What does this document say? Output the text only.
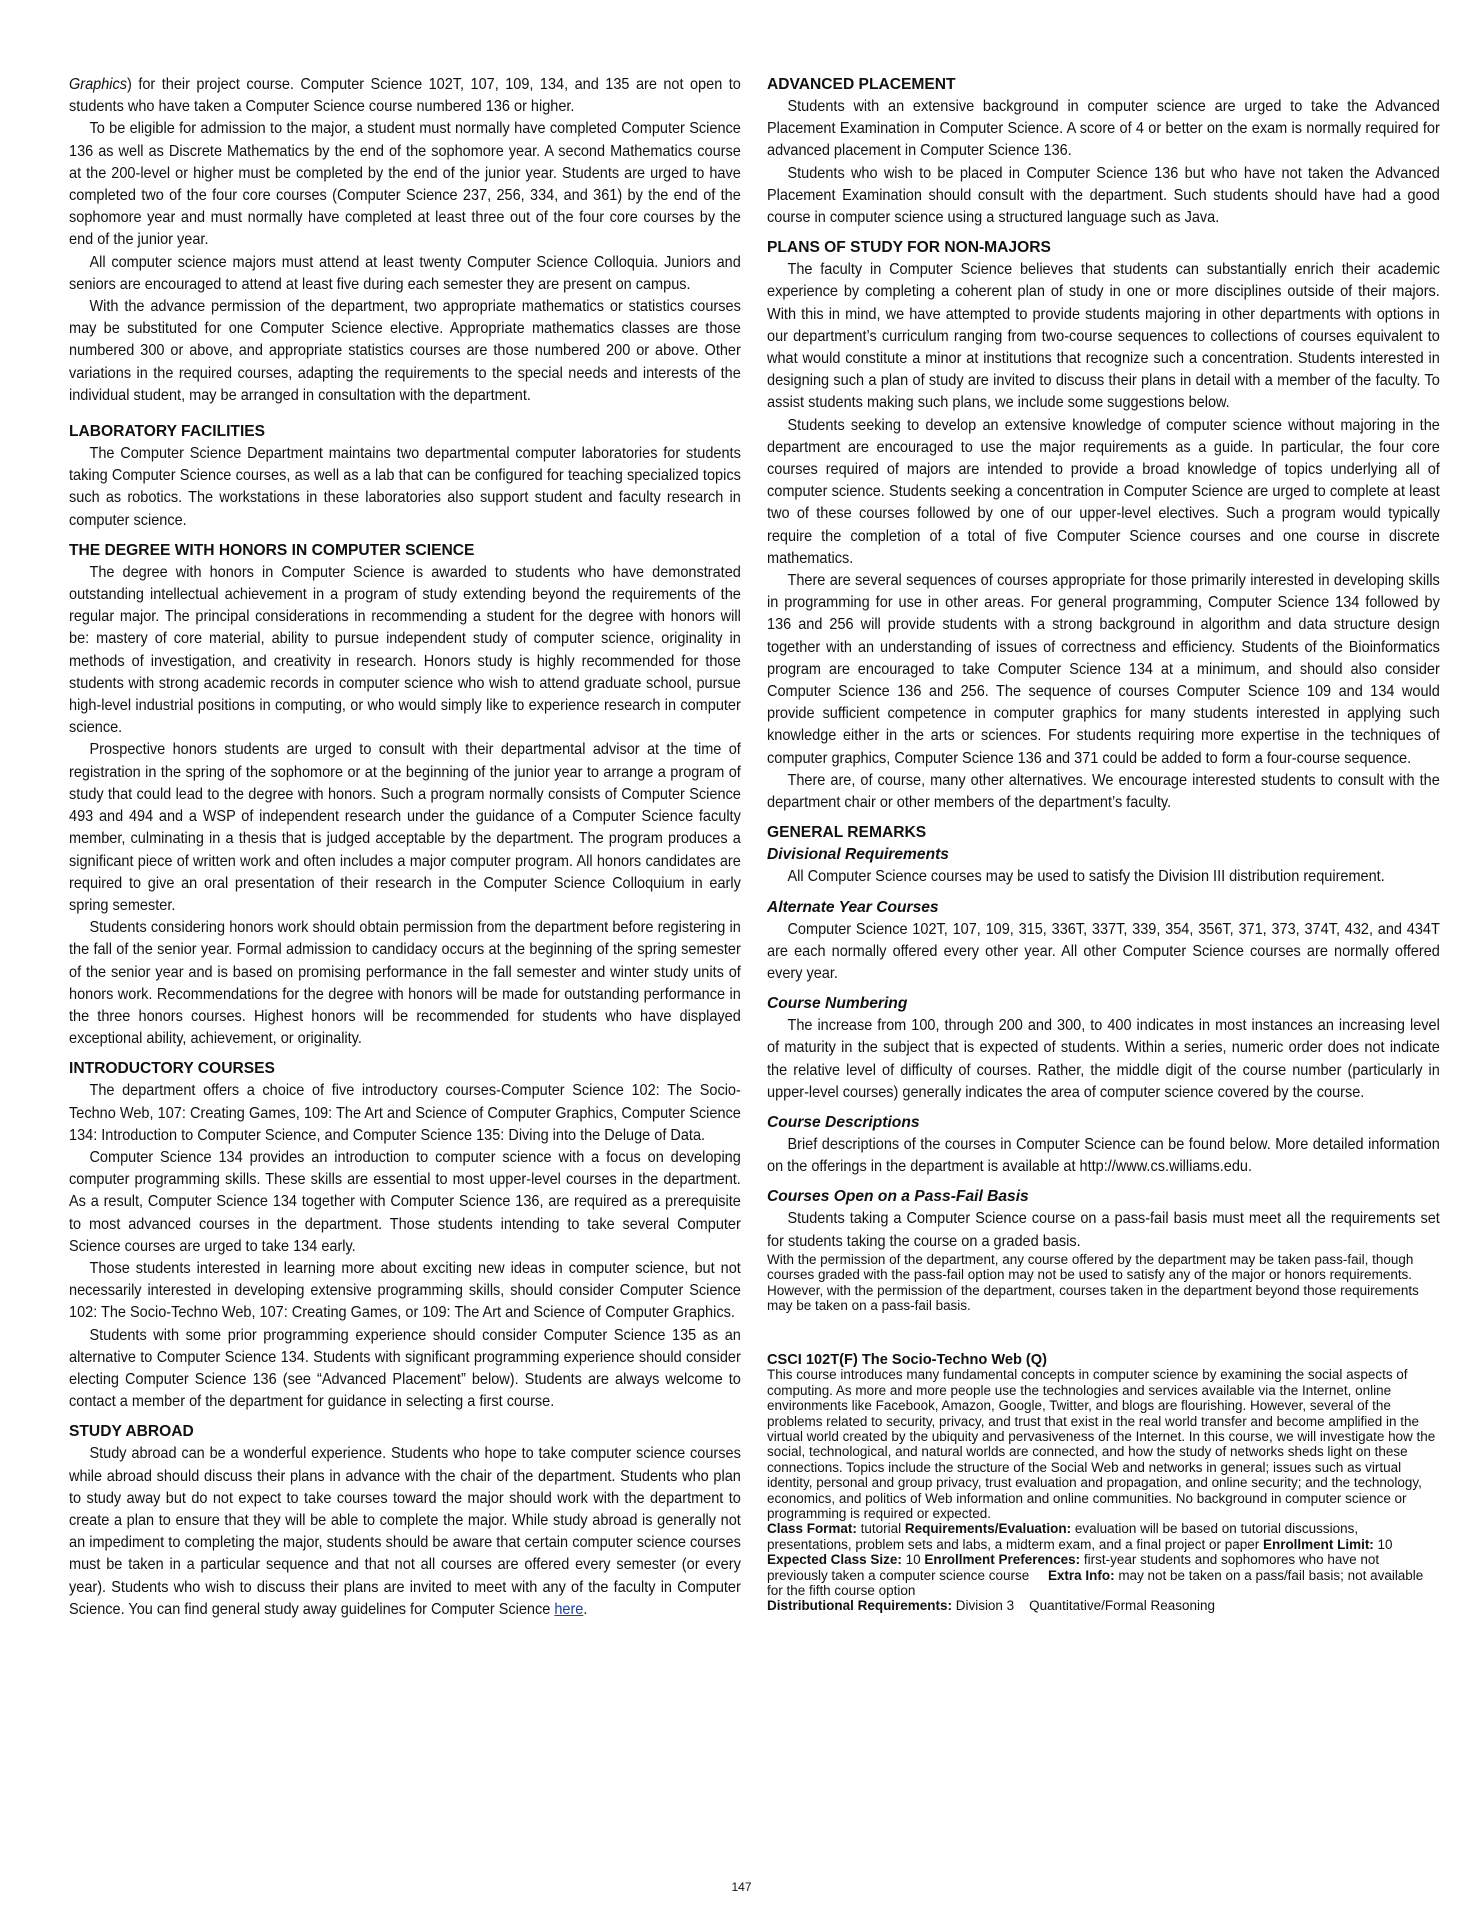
Graphics) for their project course. Computer Science 102T, 107, 109, 134, and 135 are not open to students who have taken a Computer Science course numbered 136 or higher.

To be eligible for admission to the major, a student must normally have completed Computer Science 136 as well as Discrete Mathematics by the end of the sophomore year. A second Mathematics course at the 200-level or higher must be completed by the end of the junior year. Students are urged to have completed two of the four core courses (Computer Science 237, 256, 334, and 361) by the end of the sophomore year and must normally have completed at least three out of the four core courses by the end of the junior year.

All computer science majors must attend at least twenty Computer Science Colloquia. Juniors and seniors are encouraged to attend at least five during each semester they are present on campus.

With the advance permission of the department, two appropriate mathematics or statistics courses may be substituted for one Computer Science elective. Appropriate mathematics classes are those numbered 300 or above, and appropriate statistics courses are those numbered 200 or above. Other variations in the required courses, adapting the requirements to the special needs and interests of the individual student, may be arranged in consultation with the department.

LABORATORY FACILITIES

The Computer Science Department maintains two departmental computer laboratories for students taking Computer Science courses, as well as a lab that can be configured for teaching specialized topics such as robotics. The workstations in these laboratories also support student and faculty research in computer science.

THE DEGREE WITH HONORS IN COMPUTER SCIENCE

The degree with honors in Computer Science is awarded to students who have demonstrated outstanding intellectual achievement in a program of study extending beyond the requirements of the regular major. The principal considerations in recommending a student for the degree with honors will be: mastery of core material, ability to pursue independent study of computer science, originality in methods of investigation, and creativity in research. Honors study is highly recommended for those students with strong academic records in computer science who wish to attend graduate school, pursue high-level industrial positions in computing, or who would simply like to experience research in computer science.

Prospective honors students are urged to consult with their departmental advisor at the time of registration in the spring of the sophomore or at the beginning of the junior year to arrange a program of study that could lead to the degree with honors. Such a program normally consists of Computer Science 493 and 494 and a WSP of independent research under the guidance of a Computer Science faculty member, culminating in a thesis that is judged acceptable by the department. The program produces a significant piece of written work and often includes a major computer program. All honors candidates are required to give an oral presentation of their research in the Computer Science Colloquium in early spring semester.

Students considering honors work should obtain permission from the department before registering in the fall of the senior year. Formal admission to candidacy occurs at the beginning of the spring semester of the senior year and is based on promising performance in the fall semester and winter study units of honors work. Recommendations for the degree with honors will be made for outstanding performance in the three honors courses. Highest honors will be recommended for students who have displayed exceptional ability, achievement, or originality.

INTRODUCTORY COURSES

The department offers a choice of five introductory courses-Computer Science 102: The Socio-Techno Web, 107: Creating Games, 109: The Art and Science of Computer Graphics, Computer Science 134: Introduction to Computer Science, and Computer Science 135: Diving into the Deluge of Data.

Computer Science 134 provides an introduction to computer science with a focus on developing computer programming skills. These skills are essential to most upper-level courses in the department. As a result, Computer Science 134 together with Computer Science 136, are required as a prerequisite to most advanced courses in the department. Those students intending to take several Computer Science courses are urged to take 134 early.

Those students interested in learning more about exciting new ideas in computer science, but not necessarily interested in developing extensive programming skills, should consider Computer Science 102: The Socio-Techno Web, 107: Creating Games, or 109: The Art and Science of Computer Graphics.

Students with some prior programming experience should consider Computer Science 135 as an alternative to Computer Science 134. Students with significant programming experience should consider electing Computer Science 136 (see “Advanced Placement” below). Students are always welcome to contact a member of the department for guidance in selecting a first course.

STUDY ABROAD

Study abroad can be a wonderful experience. Students who hope to take computer science courses while abroad should discuss their plans in advance with the chair of the department. Students who plan to study away but do not expect to take courses toward the major should work with the department to create a plan to ensure that they will be able to complete the major. While study abroad is generally not an impediment to completing the major, students should be aware that certain computer science courses must be taken in a particular sequence and that not all courses are offered every semester (or every year). Students who wish to discuss their plans are invited to meet with any of the faculty in Computer Science. You can find general study away guidelines for Computer Science here.

ADVANCED PLACEMENT

Students with an extensive background in computer science are urged to take the Advanced Placement Examination in Computer Science. A score of 4 or better on the exam is normally required for advanced placement in Computer Science 136.

Students who wish to be placed in Computer Science 136 but who have not taken the Advanced Placement Examination should consult with the department. Such students should have had a good course in computer science using a structured language such as Java.

PLANS OF STUDY FOR NON-MAJORS

The faculty in Computer Science believes that students can substantially enrich their academic experience by completing a coherent plan of study in one or more disciplines outside of their majors. With this in mind, we have attempted to provide students majoring in other departments with options in our department’s curriculum ranging from two-course sequences to collections of courses equivalent to what would constitute a minor at institutions that recognize such a concentration. Students interested in designing such a plan of study are invited to discuss their plans in detail with a member of the faculty. To assist students making such plans, we include some suggestions below.

Students seeking to develop an extensive knowledge of computer science without majoring in the department are encouraged to use the major requirements as a guide. In particular, the four core courses required of majors are intended to provide a broad knowledge of topics underlying all of computer science. Students seeking a concentration in Computer Science are urged to complete at least two of these courses followed by one of our upper-level electives. Such a program would typically require the completion of a total of five Computer Science courses and one course in discrete mathematics.

There are several sequences of courses appropriate for those primarily interested in developing skills in programming for use in other areas. For general programming, Computer Science 134 followed by 136 and 256 will provide students with a strong background in algorithm and data structure design together with an understanding of issues of correctness and efficiency. Students of the Bioinformatics program are encouraged to take Computer Science 134 at a minimum, and should also consider Computer Science 136 and 256. The sequence of courses Computer Science 109 and 134 would provide sufficient competence in computer graphics for many students interested in applying such knowledge either in the arts or sciences. For students requiring more expertise in the techniques of computer graphics, Computer Science 136 and 371 could be added to form a four-course sequence.

There are, of course, many other alternatives. We encourage interested students to consult with the department chair or other members of the department’s faculty.

GENERAL REMARKS
Divisional Requirements

All Computer Science courses may be used to satisfy the Division III distribution requirement.

Alternate Year Courses

Computer Science 102T, 107, 109, 315, 336T, 337T, 339, 354, 356T, 371, 373, 374T, 432, and 434T are each normally offered every other year. All other Computer Science courses are normally offered every year.

Course Numbering

The increase from 100, through 200 and 300, to 400 indicates in most instances an increasing level of maturity in the subject that is expected of students. Within a series, numeric order does not indicate the relative level of difficulty of courses. Rather, the middle digit of the course number (particularly in upper-level courses) generally indicates the area of computer science covered by the course.

Course Descriptions

Brief descriptions of the courses in Computer Science can be found below. More detailed information on the offerings in the department is available at http://www.cs.williams.edu.

Courses Open on a Pass-Fail Basis

Students taking a Computer Science course on a pass-fail basis must meet all the requirements set for students taking the course on a graded basis.

With the permission of the department, any course offered by the department may be taken pass-fail, though courses graded with the pass-fail option may not be used to satisfy any of the major or honors requirements. However, with the permission of the department, courses taken in the department beyond those requirements may be taken on a pass-fail basis.

CSCI 102T(F) The Socio-Techno Web (Q)

This course introduces many fundamental concepts in computer science by examining the social aspects of computing. As more and more people use the technologies and services available via the Internet, online environments like Facebook, Amazon, Google, Twitter, and blogs are flourishing. However, several of the problems related to security, privacy, and trust that exist in the real world transfer and become amplified in the virtual world created by the ubiquity and pervasiveness of the Internet. In this course, we will investigate how the social, technological, and natural worlds are connected, and how the study of networks sheds light on these connections. Topics include the structure of the Social Web and networks in general; issues such as virtual identity, personal and group privacy, trust evaluation and propagation, and online security; and the technology, economics, and politics of Web information and online communities. No background in computer science or programming is required or expected.

Class Format: tutorial Requirements/Evaluation: evaluation will be based on tutorial discussions, presentations, problem sets and labs, a midterm exam, and a final project or paper Enrollment Limit: 10 Expected Class Size: 10 Enrollment Preferences: first-year students and sophomores who have not previously taken a computer science course Extra Info: may not be taken on a pass/fail basis; not available for the fifth course option
Distributional Requirements: Division 3 Quantitative/Formal Reasoning

147
